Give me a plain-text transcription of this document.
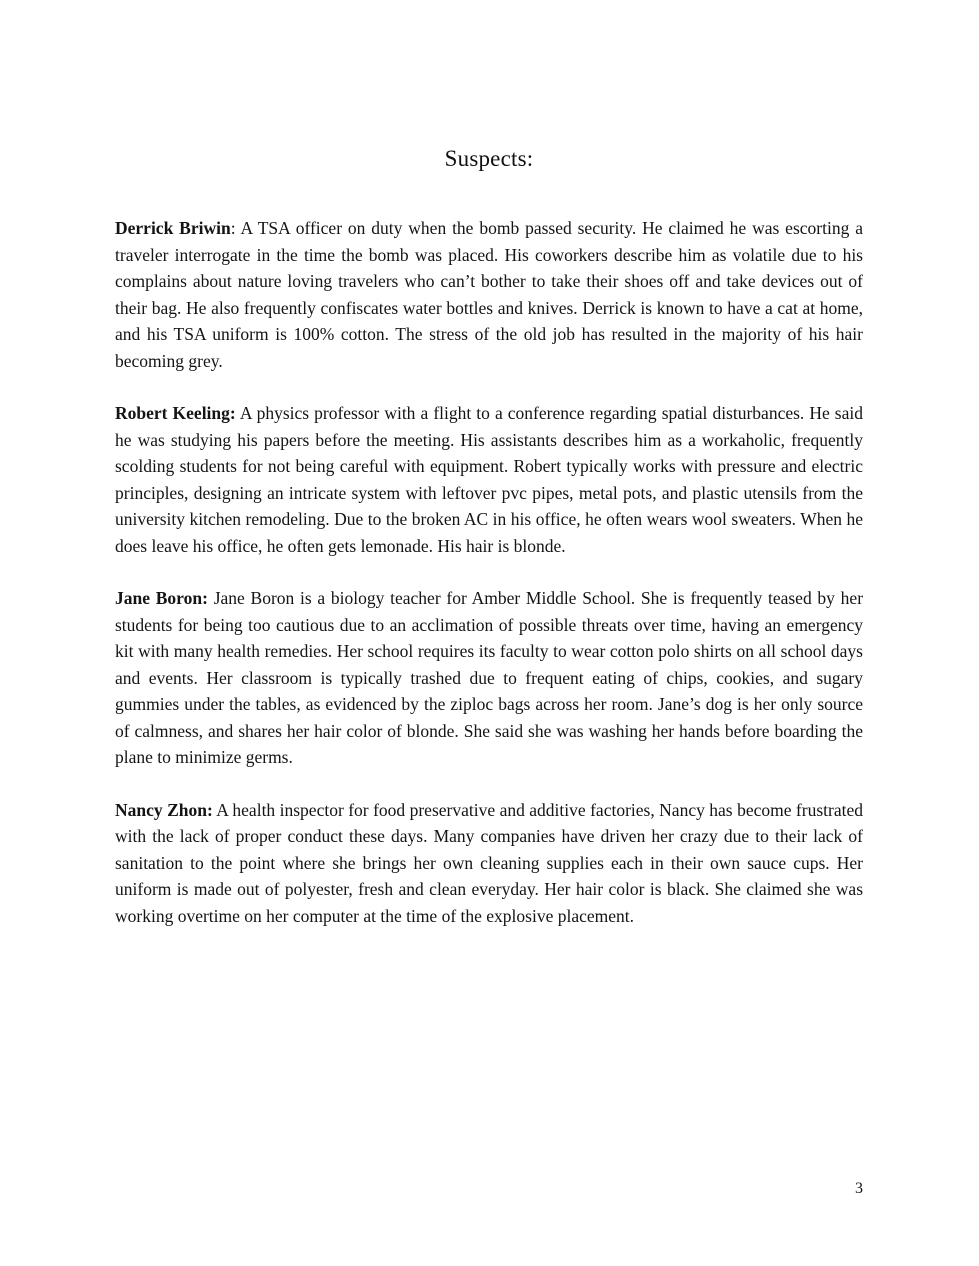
Suspects:

Derrick Briwin: A TSA officer on duty when the bomb passed security. He claimed he was escorting a traveler interrogate in the time the bomb was placed. His coworkers describe him as volatile due to his complains about nature loving travelers who can’t bother to take their shoes off and take devices out of their bag. He also frequently confiscates water bottles and knives. Derrick is known to have a cat at home, and his TSA uniform is 100% cotton. The stress of the old job has resulted in the majority of his hair becoming grey.

Robert Keeling: A physics professor with a flight to a conference regarding spatial disturbances. He said he was studying his papers before the meeting. His assistants describes him as a workaholic, frequently scolding students for not being careful with equipment. Robert typically works with pressure and electric principles, designing an intricate system with leftover pvc pipes, metal pots, and plastic utensils from the university kitchen remodeling. Due to the broken AC in his office, he often wears wool sweaters. When he does leave his office, he often gets lemonade. His hair is blonde.

Jane Boron: Jane Boron is a biology teacher for Amber Middle School. She is frequently teased by her students for being too cautious due to an acclimation of possible threats over time, having an emergency kit with many health remedies. Her school requires its faculty to wear cotton polo shirts on all school days and events. Her classroom is typically trashed due to frequent eating of chips, cookies, and sugary gummies under the tables, as evidenced by the ziploc bags across her room. Jane’s dog is her only source of calmness, and shares her hair color of blonde. She said she was washing her hands before boarding the plane to minimize germs.

Nancy Zhon: A health inspector for food preservative and additive factories, Nancy has become frustrated with the lack of proper conduct these days. Many companies have driven her crazy due to their lack of sanitation to the point where she brings her own cleaning supplies each in their own sauce cups. Her uniform is made out of polyester, fresh and clean everyday. Her hair color is black. She claimed she was working overtime on her computer at the time of the explosive placement.

3
